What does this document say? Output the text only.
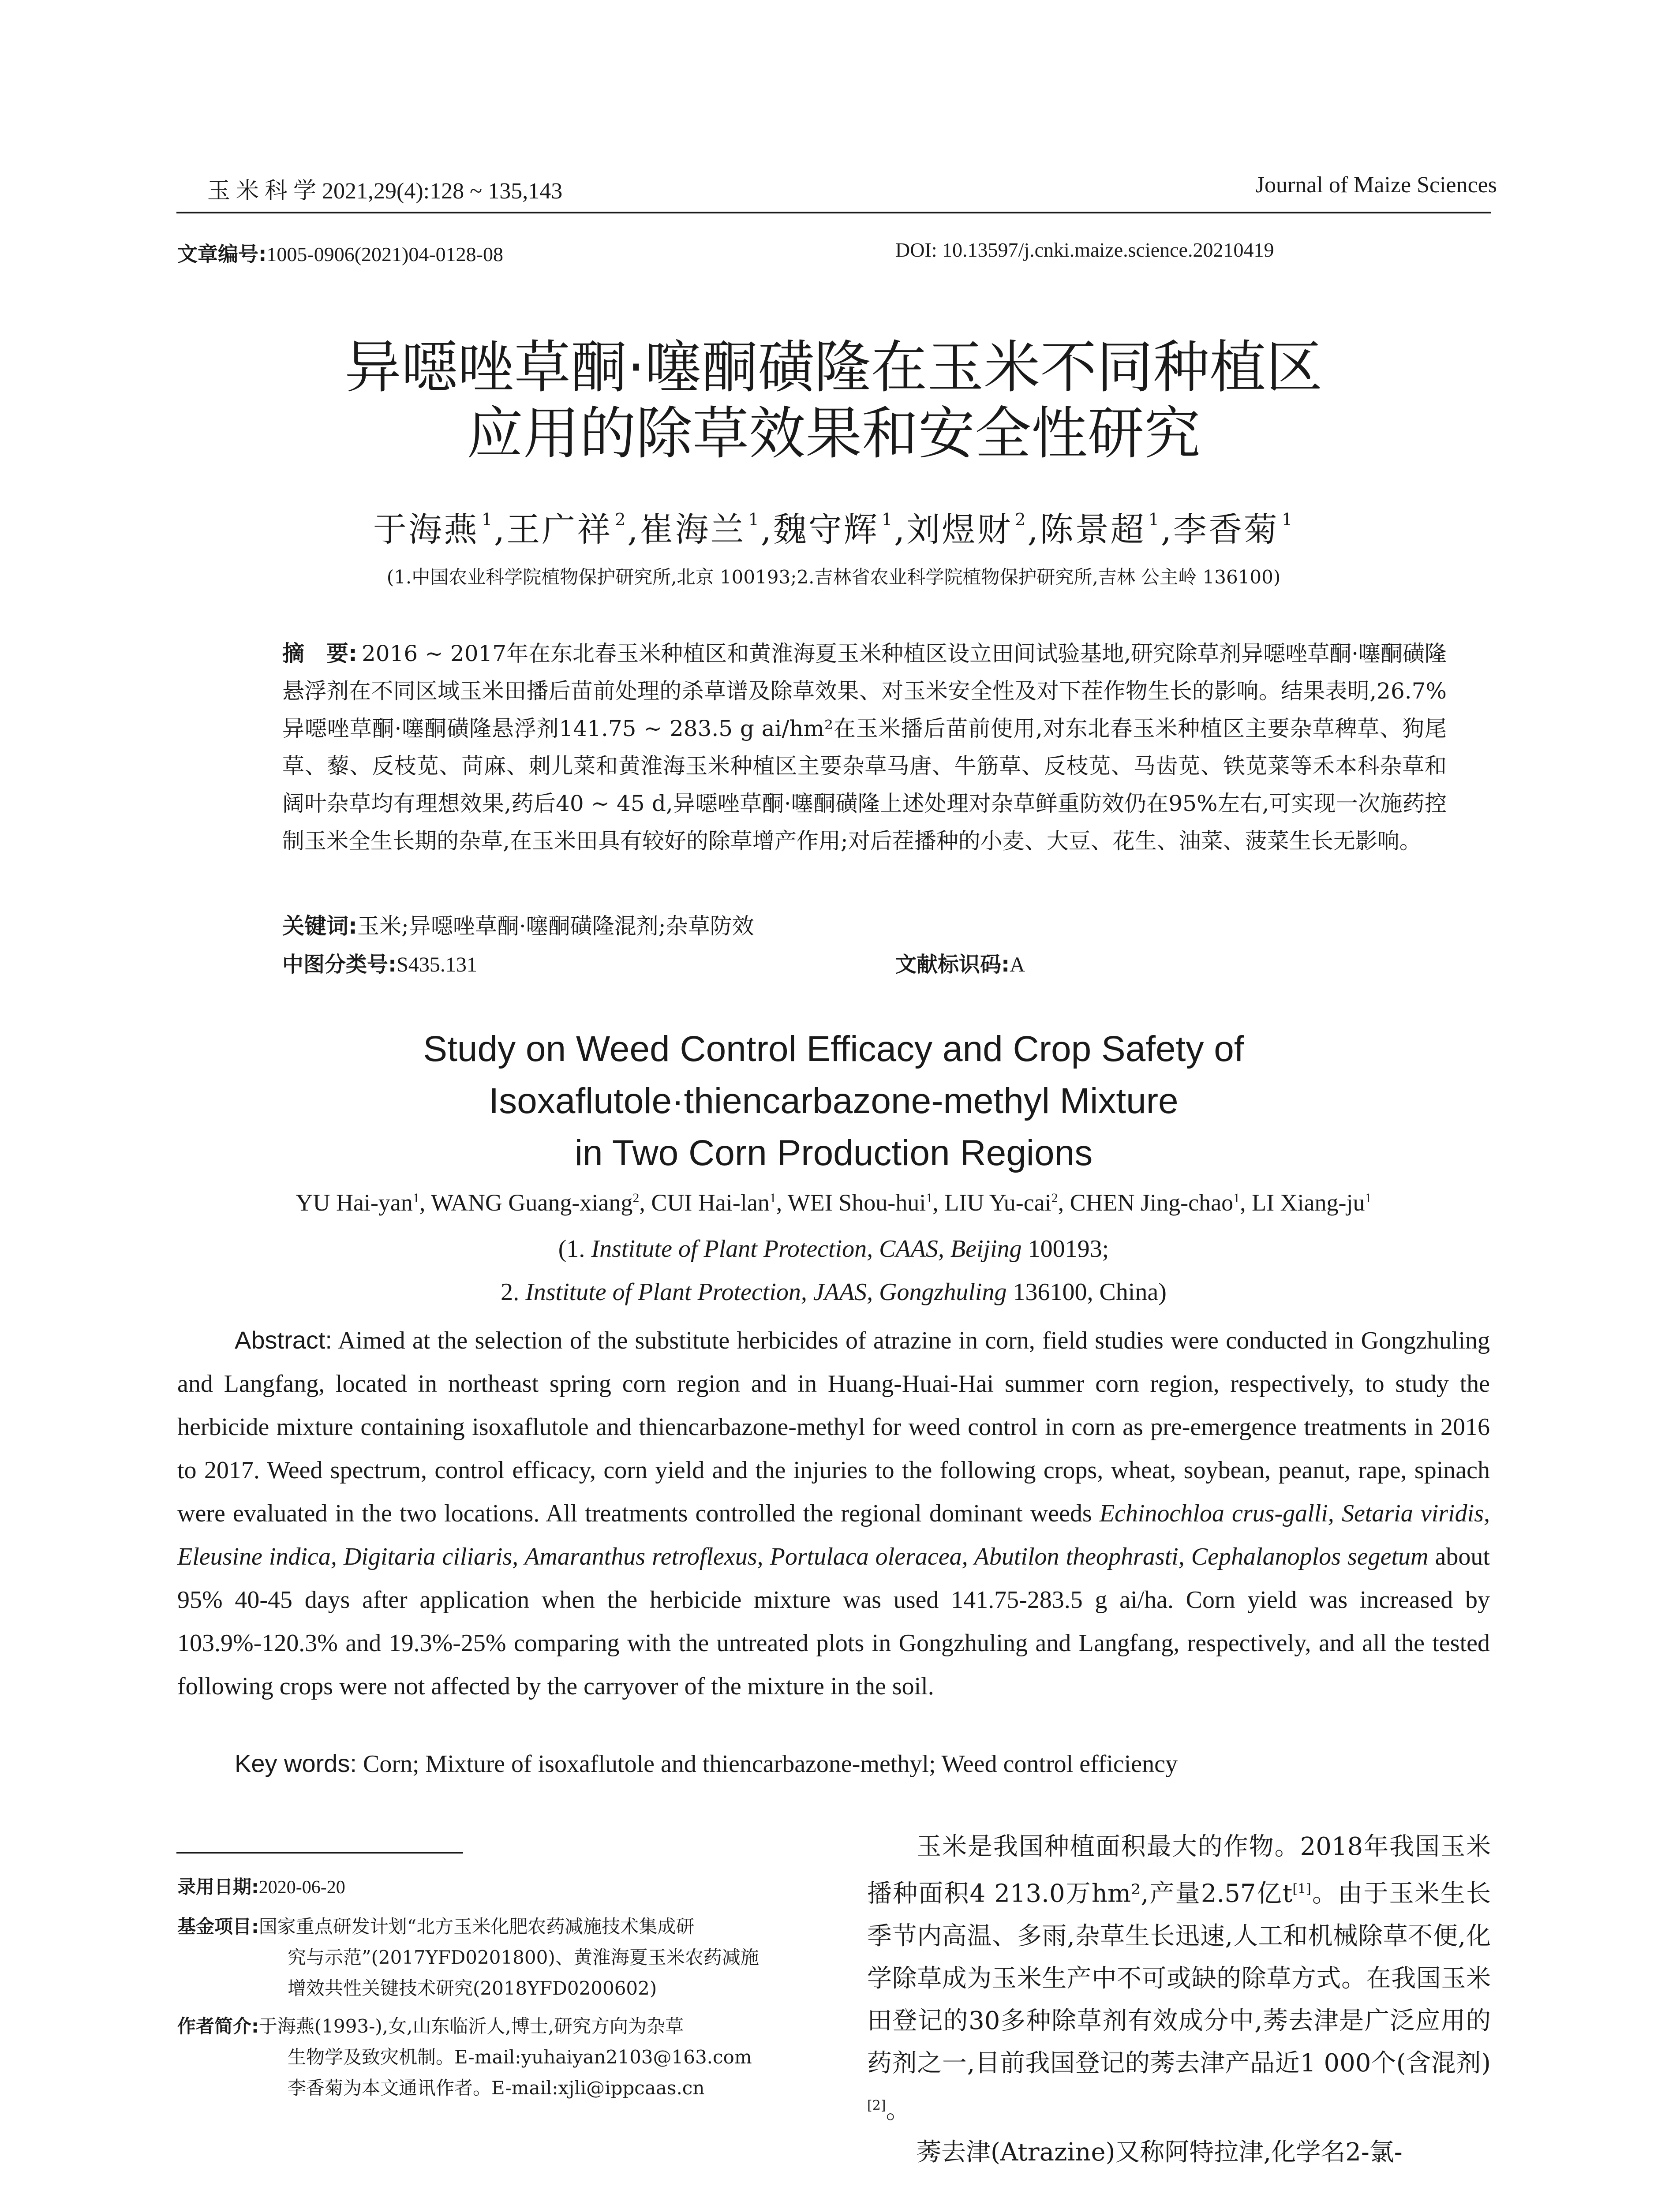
玉 米 科 学 2021,29(4):128 ~ 135,143	Journal of Maize Sciences
文章编号:1005-0906(2021)04-0128-08	DOI: 10.13597/j.cnki.maize.science.20210419
异噁唑草酮·噻酮磺隆在玉米不同种植区
应用的除草效果和安全性研究
于海燕 $^1$,王广祥 $^2$,崔海兰 $^1$,魏守辉 $^1$,刘煜财 $^2$,陈景超 $^1$,李香菊 $^1$
(1.中国农业科学院植物保护研究所,北京 100193;2.吉林省农业科学院植物保护研究所,吉林 公主岭 136100)
摘　要: 2016 ~ 2017年在东北春玉米种植区和黄淮海夏玉米种植区设立田间试验基地,研究除草剂异噁唑草酮·噻酮磺隆悬浮剂在不同区域玉米田播后苗前处理的杀草谱及除草效果、对玉米安全性及对下茬作物生长的影响。结果表明,26.7%异噁唑草酮·噻酮磺隆悬浮剂141.75 ~ 283.5 g ai/hm²在玉米播后苗前使用,对东北春玉米种植区主要杂草稗草、狗尾草、藜、反枝苋、苘麻、刺儿菜和黄淮海玉米种植区主要杂草马唐、牛筋草、反枝苋、马齿苋、铁苋菜等禾本科杂草和阔叶杂草均有理想效果,药后40 ~ 45 d,异噁唑草酮·噻酮磺隆上述处理对杂草鲜重防效仍在95%左右,可实现一次施药控制玉米全生长期的杂草,在玉米田具有较好的除草增产作用;对后茬播种的小麦、大豆、花生、油菜、菠菜生长无影响。
关键词:玉米;异噁唑草酮·噻酮磺隆混剂;杂草防效
中图分类号:S435.131	文献标识码:A
Study on Weed Control Efficacy and Crop Safety of
Isoxaflutole·thiencarbazone-methyl Mixture
in Two Corn Production Regions
YU Hai-yan$^1$, WANG Guang-xiang$^2$, CUI Hai-lan$^1$, WEI Shou-hui$^1$, LIU Yu-cai$^2$, CHEN Jing-chao$^1$, LI Xiang-$ju^1$
(1. Institute of Plant Protection, CAAS, Beijing 100193;
2. Institute of Plant Protection, JAAS, Gongzhuling 136100, China)
Abstract: Aimed at the selection of the substitute herbicides of atrazine in corn, field studies were conducted in Gongzhuling and Langfang, located in northeast spring corn region and in Huang-Huai-Hai summer corn region, respectively, to study the herbicide mixture containing isoxaflutole and thiencarbazone-methyl for weed control in corn as pre-emergence treatments in 2016 to 2017. Weed spectrum, control efficacy, corn yield and the injuries to the following crops, wheat, soybean, peanut, rape, spinach were evaluated in the two locations. All treatments controlled the regional dominant weeds Echinochloa crus-galli, Setaria viridis, Eleusine indica, Digitaria ciliaris, Amaranthus retroflexus, Portulaca oleracea, Abutilon theophrasti, Cephalanoplos segetum about 95% 40-45 days after application when the herbicide mixture was used 141.75-283.5 g ai/ha. Corn yield was increased by 103.9%-120.3% and 19.3%-25% comparing with the untreated plots in Gongzhuling and Langfang, respectively, and all the tested following crops were not affected by the carryover of the mixture in the soil.
Key words: Corn; Mixture of isoxaflutole and thiencarbazone-methyl; Weed control efficiency
录用日期:2020-06-20
基金项目:国家重点研发计划“北方玉米化肥农药减施技术集成研
究与示范”(2017YFD0201800)、黄淮海夏玉米农药减施
增效共性关键技术研究(2018YFD0200602)
作者简介:于海燕(1993-),女,山东临沂人,博士,研究方向为杂草
生物学及致灾机制。E-mail:yuhaiyan2103@163.com
李香菊为本文通讯作者。E-mail:xjli@ippcaas.cn

玉米是我国种植面积最大的作物。2018年我国玉米播种面积4 213.0万hm²,产量2.57亿t[1]。由于玉米生长季节内高温、多雨,杂草生长迅速,人工和机械除草不便,化学除草成为玉米生产中不可或缺的除草方式。在我国玉米田登记的30多种除草剂有效成分中,莠去津是广泛应用的药剂之一,目前我国登记的莠去津产品近1 000个(含混剂)[2]。

莠去津(Atrazine)又称阿特拉津,化学名2-氯-
